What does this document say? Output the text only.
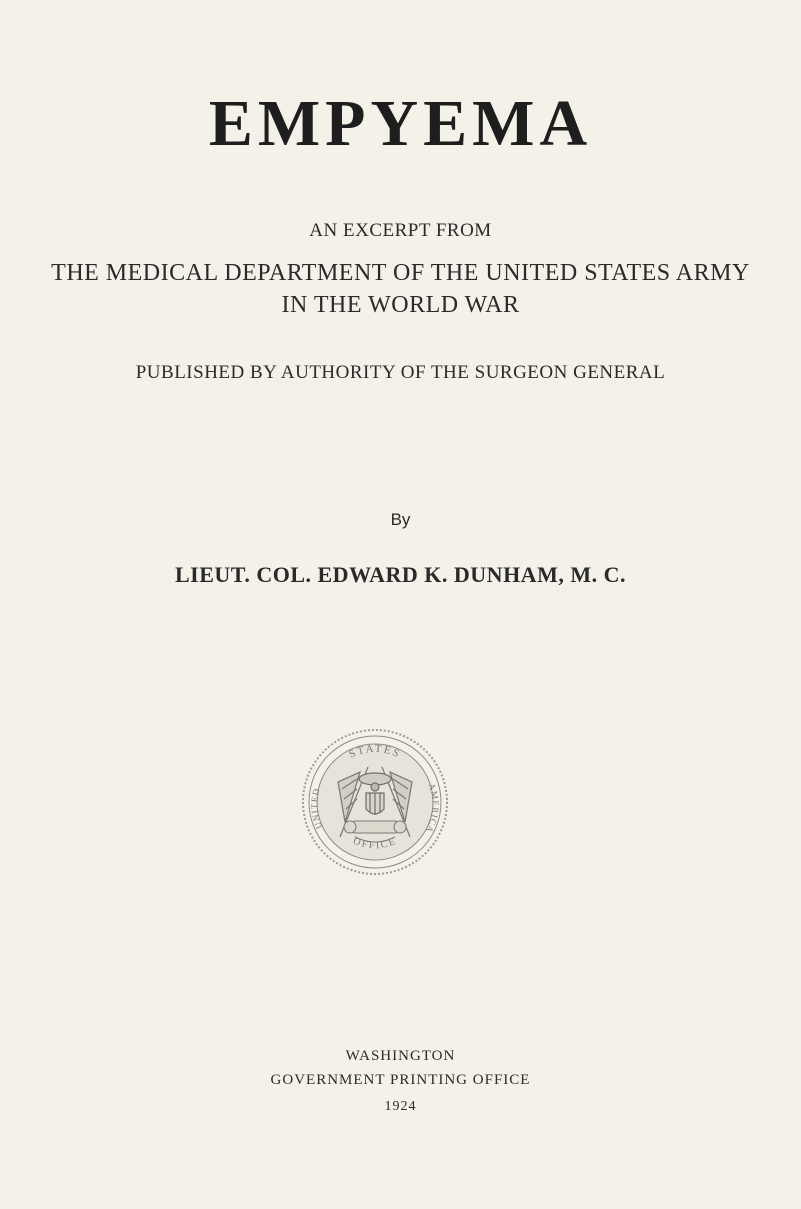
EMPYEMA
AN EXCERPT FROM
THE MEDICAL DEPARTMENT OF THE UNITED STATES ARMY
IN THE WORLD WAR
PUBLISHED BY AUTHORITY OF THE SURGEON GENERAL
By
LIEUT. COL. EDWARD K. DUNHAM, M. C.
STATES
UNITED	AMERICA
OFFICE
WASHINGTON
GOVERNMENT PRINTING OFFICE
1924
